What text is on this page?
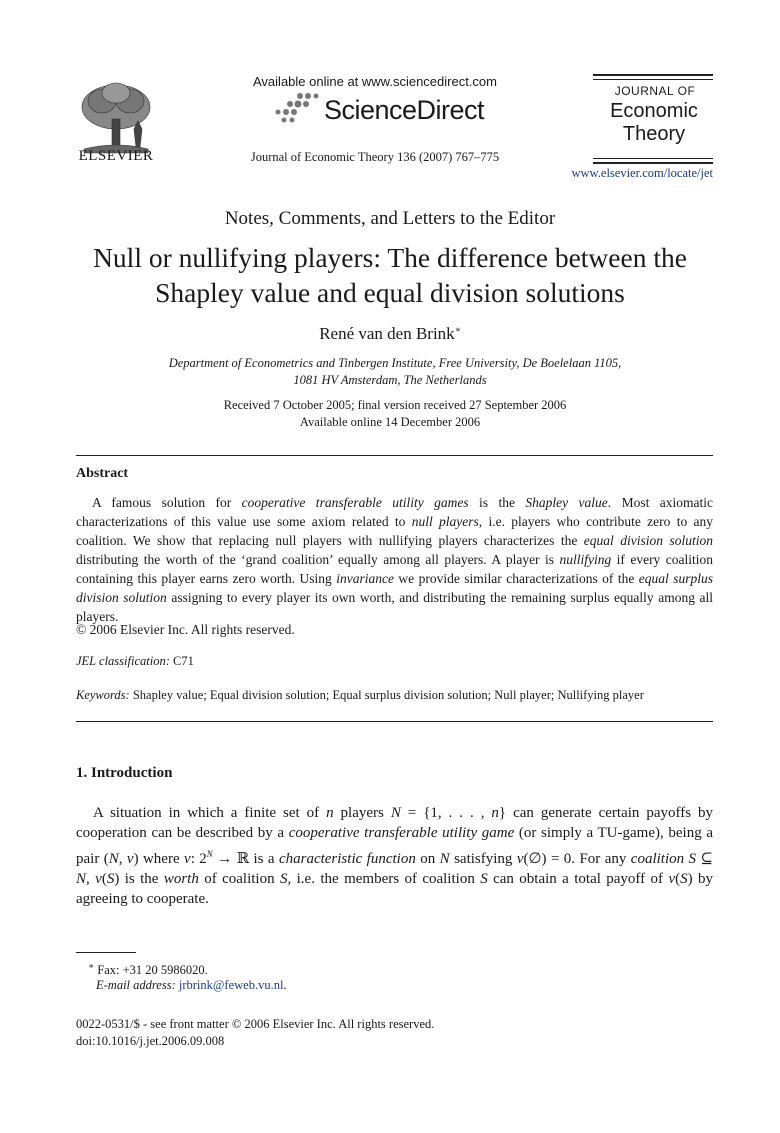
ELSEVIER
Available online at www.sciencedirect.com
ScienceDirect
Journal of Economic Theory 136 (2007) 767–775
JOURNAL OF
Economic
Theory
www.elsevier.com/locate/jet
Notes, Comments, and Letters to the Editor
Null or nullifying players: The difference between the
Shapley value and equal division solutions
René van den Brink∗
Department of Econometrics and Tinbergen Institute, Free University, De Boelelaan 1105,
1081 HV Amsterdam, The Netherlands
Received 7 October 2005; final version received 27 September 2006
Available online 14 December 2006
Abstract

A famous solution for cooperative transferable utility games is the Shapley value. Most axiomatic characterizations of this value use some axiom related to null players, i.e. players who contribute zero to any coalition. We show that replacing null players with nullifying players characterizes the equal division solution distributing the worth of the ‘grand coalition’ equally among all players. A player is nullifying if every coalition containing this player earns zero worth. Using invariance we provide similar characterizations of the equal surplus division solution assigning to every player its own worth, and distributing the remaining surplus equally among all players.

© 2006 Elsevier Inc. All rights reserved.
JEL classification: C71
Keywords: Shapley value; Equal division solution; Equal surplus division solution; Null player; Nullifying player
1. Introduction

A situation in which a finite set of n players N = {1, . . . , n} can generate certain payoffs by cooperation can be described by a cooperative transferable utility game (or simply a TU-game), being a pair (N, v) where v: $2^N$ → ℝ is a characteristic function on N satisfying v(∅) = 0. For any coalition S ⊆ N, v(S) is the worth of coalition S, i.e. the members of coalition S can obtain a total payoff of v(S) by agreeing to cooperate.

∗ Fax: +31 20 5986020.
E-mail address: jrbrink@feweb.vu.nl.
0022-0531/$ - see front matter © 2006 Elsevier Inc. All rights reserved.
doi:10.1016/j.jet.2006.09.008
